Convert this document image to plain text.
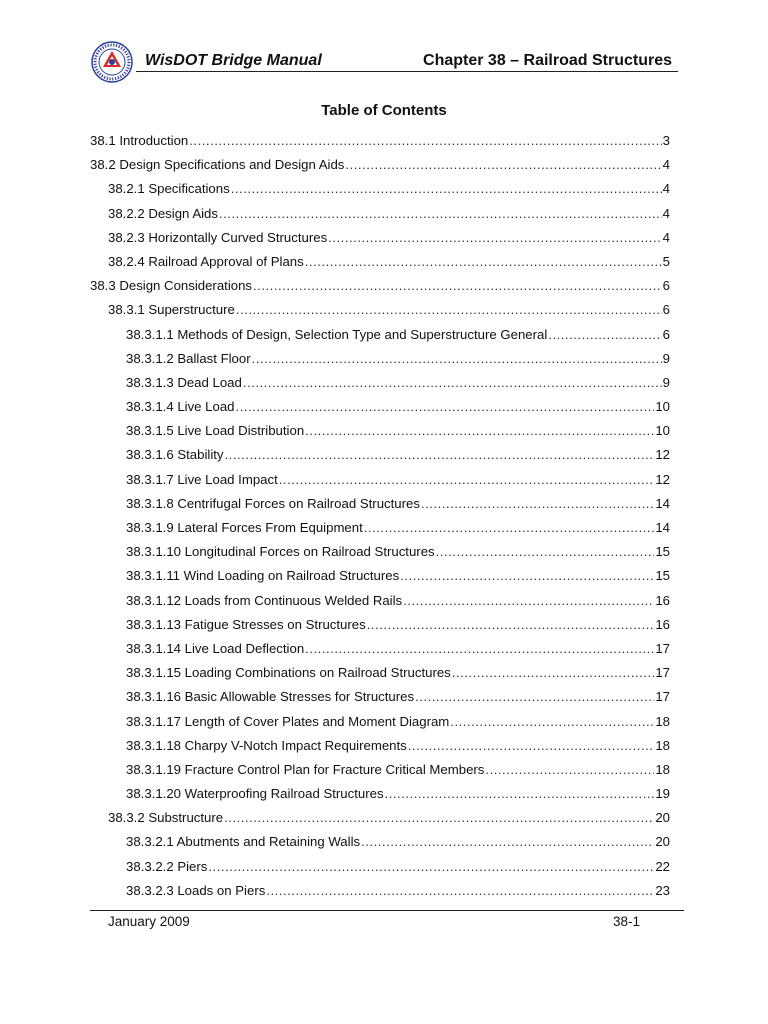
WisDOT Bridge Manual	Chapter 38 – Railroad Structures
Table of Contents
38.1 Introduction .....	3
38.2 Design Specifications and Design Aids .....	4
38.2.1 Specifications .....	4
38.2.2 Design Aids .....	4
38.2.3 Horizontally Curved Structures .....	4
38.2.4 Railroad Approval of Plans .....	5
38.3 Design Considerations .....	6
38.3.1 Superstructure .....	6
38.3.1.1 Methods of Design, Selection Type and Superstructure General .....	6
38.3.1.2 Ballast Floor .....	9
38.3.1.3 Dead Load .....	9
38.3.1.4 Live Load .....	10
38.3.1.5 Live Load Distribution .....	10
38.3.1.6 Stability .....	12
38.3.1.7 Live Load Impact .....	12
38.3.1.8 Centrifugal Forces on Railroad Structures .....	14
38.3.1.9 Lateral Forces From Equipment .....	14
38.3.1.10 Longitudinal Forces on Railroad Structures .....	15
38.3.1.11 Wind Loading on Railroad Structures .....	15
38.3.1.12 Loads from Continuous Welded Rails .....	16
38.3.1.13 Fatigue Stresses on Structures .....	16
38.3.1.14 Live Load Deflection .....	17
38.3.1.15 Loading Combinations on Railroad Structures .....	17
38.3.1.16 Basic Allowable Stresses for Structures .....	17
38.3.1.17 Length of Cover Plates and Moment Diagram .....	18
38.3.1.18 Charpy V-Notch Impact Requirements .....	18
38.3.1.19 Fracture Control Plan for Fracture Critical Members .....	18
38.3.1.20 Waterproofing Railroad Structures .....	19
38.3.2 Substructure .....	20
38.3.2.1 Abutments and Retaining Walls .....	20
38.3.2.2 Piers .....	22
38.3.2.3 Loads on Piers .....	23
January 2009	38-1
